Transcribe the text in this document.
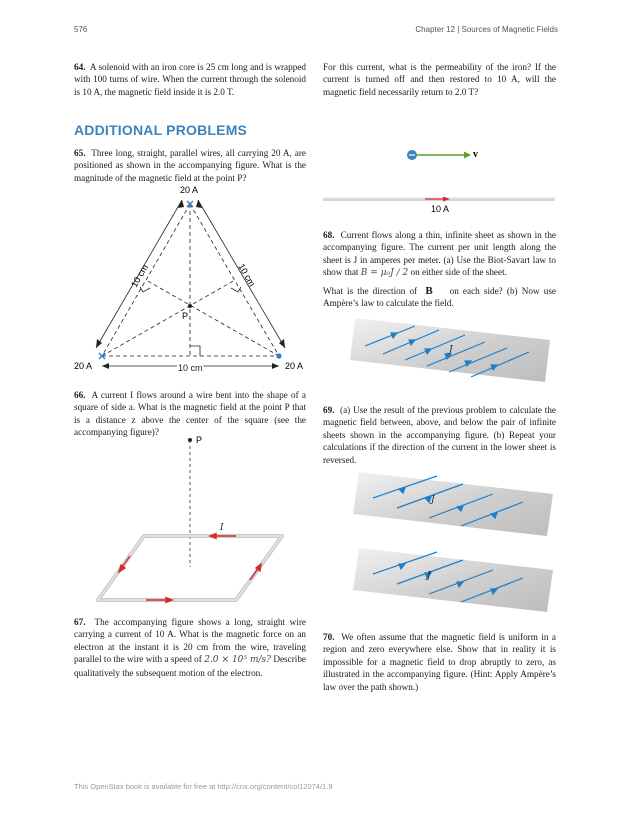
576	Chapter 12 | Sources of Magnetic Fields
64. A solenoid with an iron core is 25 cm long and is wrapped with 100 turns of wire. When the current through the solenoid is 10 A, the magnetic field inside it is 2.0 T.
For this current, what is the permeability of the iron? If the current is turned off and then restored to 10 A, will the magnetic field necessarily return to 2.0 T?
ADDITIONAL PROBLEMS
65. Three long, straight, parallel wires, all carrying 20 A, are positioned as shown in the accompanying figure. What is the magnitude of the magnetic field at the point P?
20 A
20 A	20 A
10 cm	10 cm
10 cm
P
66. A current I flows around a wire bent into the shape of a square of side a. What is the magnetic field at the point P that is a distance z above the center of the square (see the accompanying figure)?
P
I
67. The accompanying figure shows a long, straight wire carrying a current of 10 A. What is the magnetic force on an electron at the instant it is 20 cm from the wire, traveling parallel to the wire with a speed of 2.0 × 10⁵ m/s? Describe qualitatively the subsequent motion of the electron.
v⃗
10 A
68. Current flows along a thin, infinite sheet as shown in the accompanying figure. The current per unit length along the sheet is J in amperes per meter. (a) Use the Biot-Savart law to show that B = μ₀J ∕ 2 on either side of the sheet.
What is the direction of B⃗ on each side? (b) Now use Ampère’s law to calculate the field.
J
69. (a) Use the result of the previous problem to calculate the magnetic field between, above, and below the pair of infinite sheets shown in the accompanying figure. (b) Repeat your calculations if the direction of the current in the lower sheet is reversed.
J
J
70. We often assume that the magnetic field is uniform in a region and zero everywhere else. Show that in reality it is impossible for a magnetic field to drop abruptly to zero, as illustrated in the accompanying figure. (Hint: Apply Ampère’s law over the path shown.)
This OpenStax book is available for free at http://cnx.org/content/col12074/1.9
